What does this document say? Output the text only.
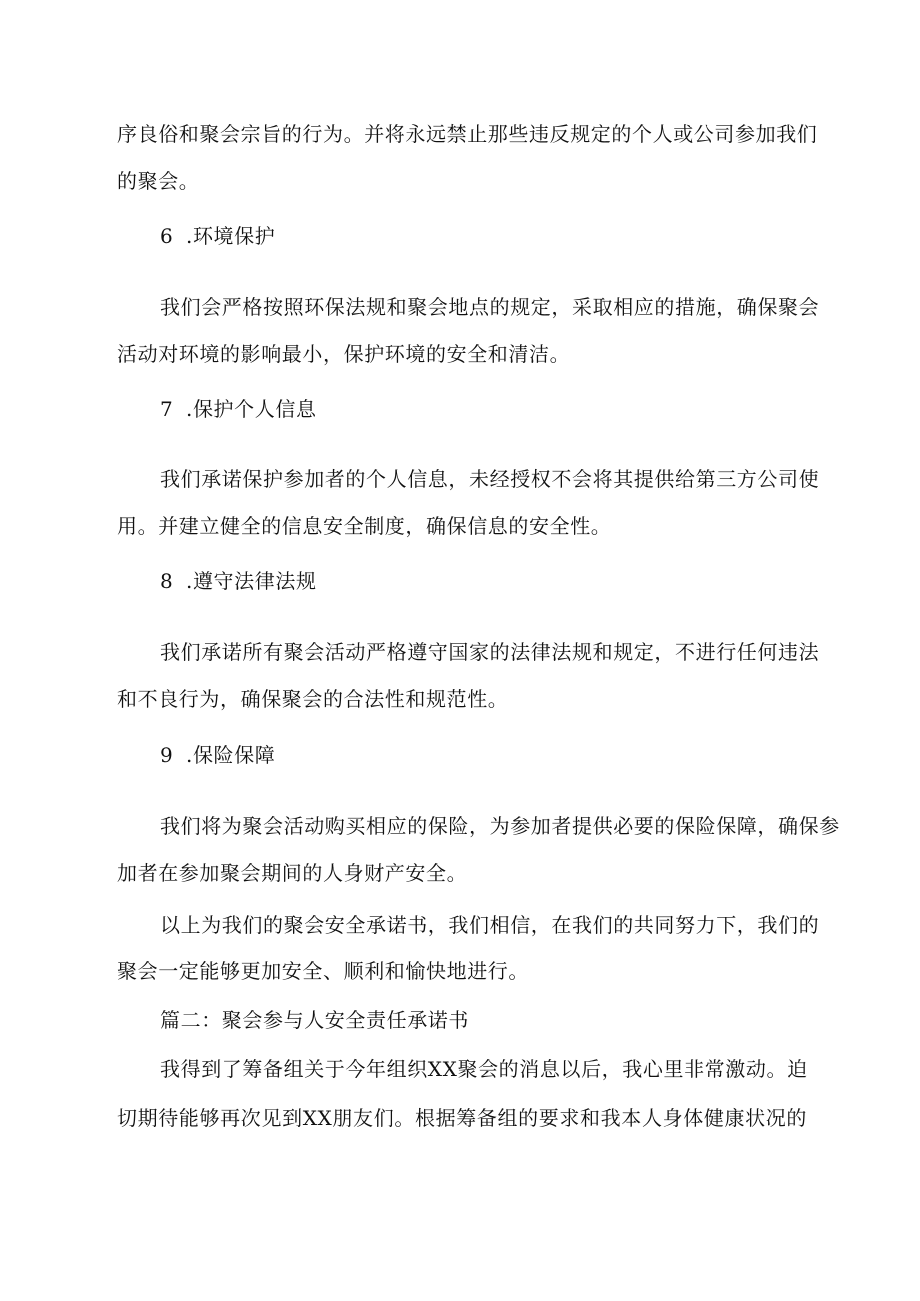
序良俗和聚会宗旨的行为。并将永远禁止那些违反规定的个人或公司参加我们
的聚会。
6 .环境保护
我们会严格按照环保法规和聚会地点的规定，采取相应的措施，确保聚会
活动对环境的影响最小，保护环境的安全和清洁。
7 .保护个人信息
我们承诺保护参加者的个人信息，未经授权不会将其提供给第三方公司使
用。并建立健全的信息安全制度，确保信息的安全性。
8 .遵守法律法规
我们承诺所有聚会活动严格遵守国家的法律法规和规定，不进行任何违法
和不良行为，确保聚会的合法性和规范性。
9 .保险保障
我们将为聚会活动购买相应的保险，为参加者提供必要的保险保障，确保参
加者在参加聚会期间的人身财产安全。
以上为我们的聚会安全承诺书，我们相信，在我们的共同努力下，我们的
聚会一定能够更加安全、顺利和愉快地进行。
篇二：聚会参与人安全责任承诺书
我得到了筹备组关于今年组织XX聚会的消息以后，我心里非常激动。迫
切期待能够再次见到XX朋友们。根据筹备组的要求和我本人身体健康状况的
